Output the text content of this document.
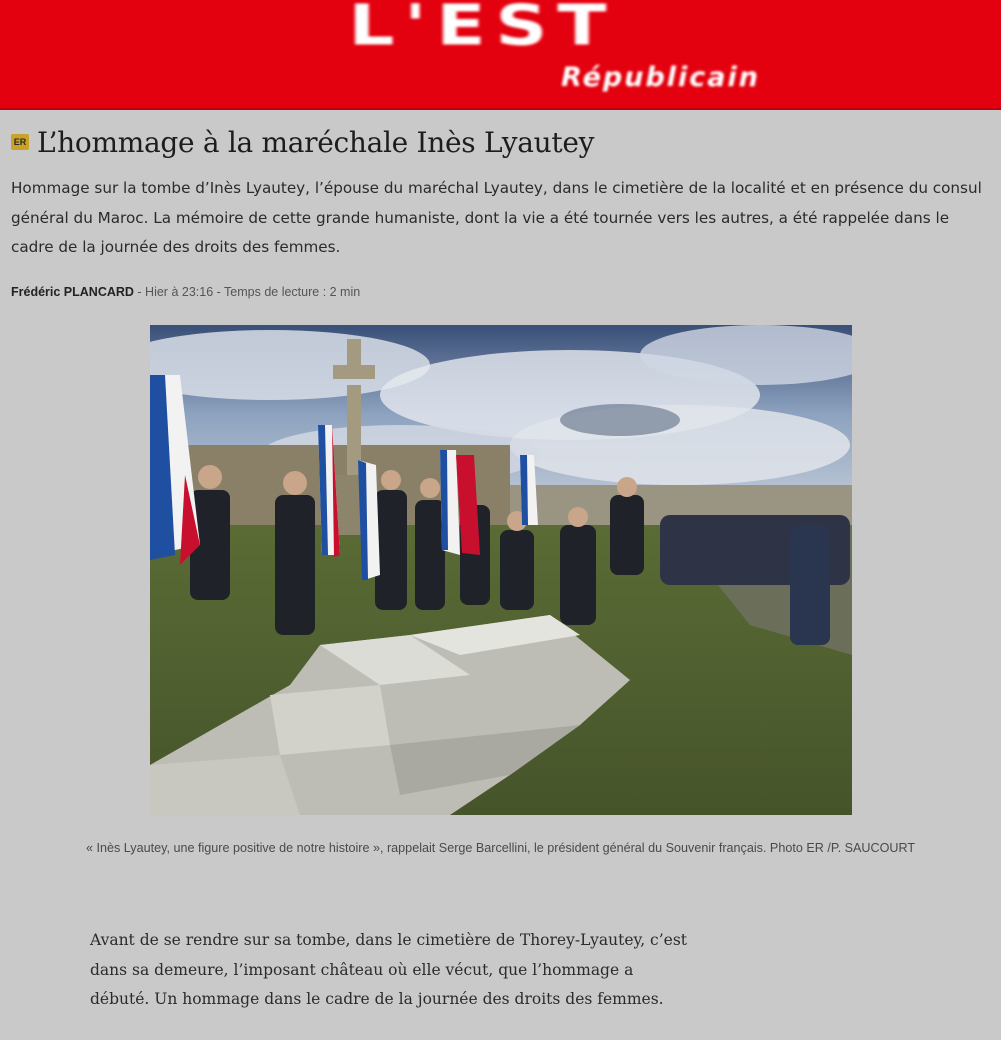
L'EST
Républicain
ER L’hommage à la maréchale Inès Lyautey

Hommage sur la tombe d’Inès Lyautey, l’épouse du maréchal Lyautey, dans le cimetière de la localité et en présence du consul général du Maroc. La mémoire de cette grande humaniste, dont la vie a été tournée vers les autres, a été rappelée dans le cadre de la journée des droits des femmes.

Frédéric PLANCARD - Hier à 23:16 - Temps de lecture : 2 min
« Inès Lyautey, une figure positive de notre histoire », rappelait Serge Barcellini, le président général du Souvenir français. Photo ER /P. SAUCOURT

Avant de se rendre sur sa tombe, dans le cimetière de Thorey-Lyautey, c’est dans sa demeure, l’imposant château où elle vécut, que l’hommage a débuté. Un hommage dans le cadre de la journée des droits des femmes.
